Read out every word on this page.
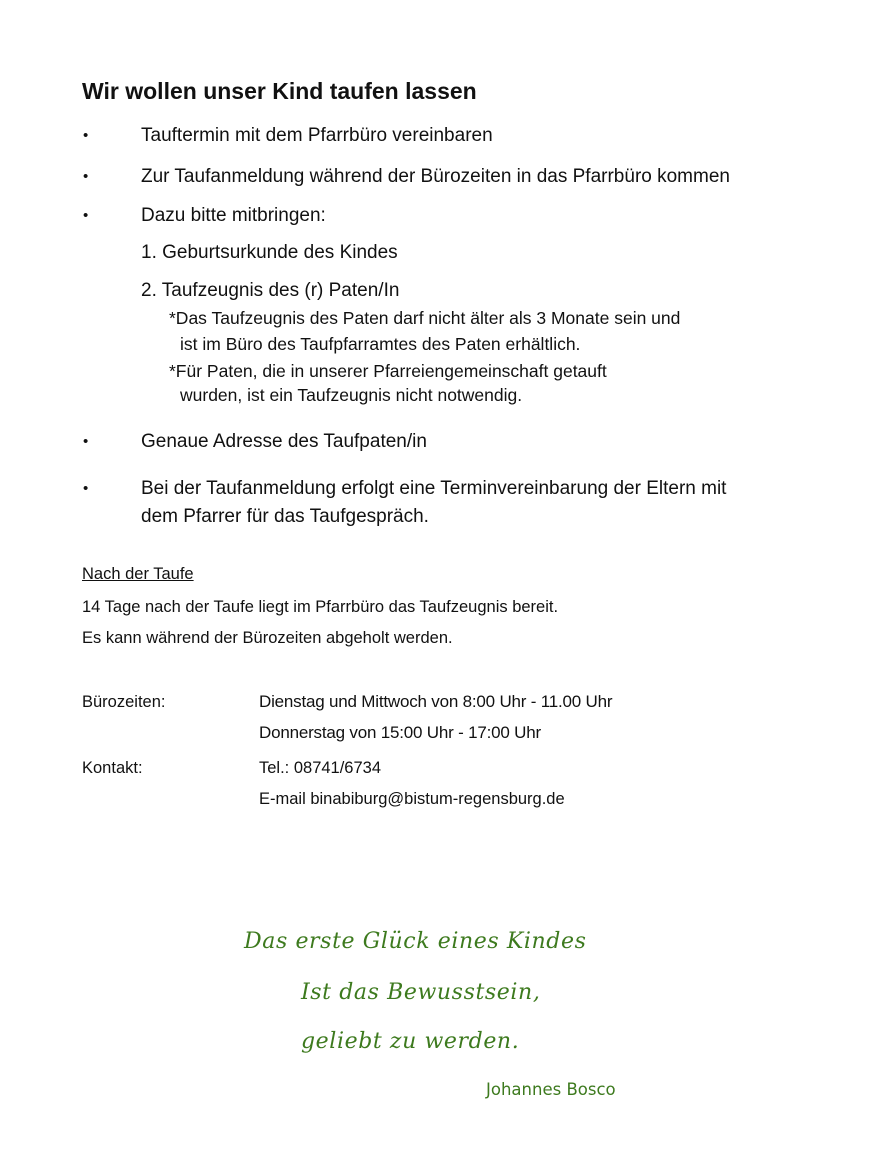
Wir wollen unser Kind taufen lassen
•	Tauftermin mit dem Pfarrbüro vereinbaren
•	Zur Taufanmeldung während der Bürozeiten in das Pfarrbüro kommen
•	Dazu bitte mitbringen:
1. Geburtsurkunde des Kindes
2. Taufzeugnis des (r) Paten/In
*Das Taufzeugnis des Paten darf nicht älter als 3 Monate sein und
ist im Büro des Taufpfarramtes des Paten erhältlich.
*Für Paten, die in unserer Pfarreiengemeinschaft getauft
wurden, ist ein Taufzeugnis nicht notwendig.
•	Genaue Adresse des Taufpaten/in
•	Bei der Taufanmeldung erfolgt eine Terminvereinbarung der Eltern mit
dem Pfarrer für das Taufgespräch.
Nach der Taufe
14 Tage nach der Taufe liegt im Pfarrbüro das Taufzeugnis bereit.
Es kann während der Bürozeiten abgeholt werden.
Bürozeiten:	Dienstag und Mittwoch von 8:00 Uhr - 11.00 Uhr
Donnerstag von 15:00 Uhr - 17:00 Uhr
Kontakt:	Tel.: 08741/6734
E-mail binabiburg@bistum-regensburg.de
Das erste Glück eines Kindes
Ist das Bewusstsein,
geliebt zu werden.
Johannes Bosco
